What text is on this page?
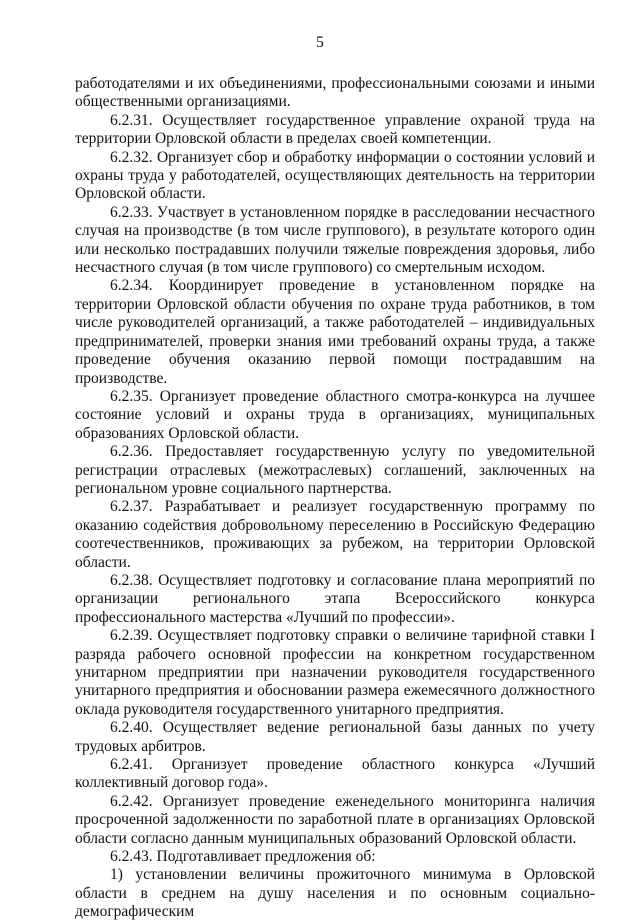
5

работодателями и их объединениями, профессиональными союзами и иными общественными организациями.

6.2.31. Осуществляет государственное управление охраной труда на территории Орловской области в пределах своей компетенции.

6.2.32. Организует сбор и обработку информации о состоянии условий и охраны труда у работодателей, осуществляющих деятельность на территории Орловской области.

6.2.33. Участвует в установленном порядке в расследовании несчастного случая на производстве (в том числе группового), в результате которого один или несколько пострадавших получили тяжелые повреждения здоровья, либо несчастного случая (в том числе группового) со смертельным исходом.

6.2.34. Координирует проведение в установленном порядке на территории Орловской области обучения по охране труда работников, в том числе руководителей организаций, а также работодателей – индивидуальных предпринимателей, проверки знания ими требований охраны труда, а также проведение обучения оказанию первой помощи пострадавшим на производстве.

6.2.35. Организует проведение областного смотра-конкурса на лучшее состояние условий и охраны труда в организациях, муниципальных образованиях Орловской области.

6.2.36. Предоставляет государственную услугу по уведомительной регистрации отраслевых (межотраслевых) соглашений, заключенных на региональном уровне социального партнерства.

6.2.37. Разрабатывает и реализует государственную программу по оказанию содействия добровольному переселению в Российскую Федерацию соотечественников, проживающих за рубежом, на территории Орловской области.

6.2.38. Осуществляет подготовку и согласование плана мероприятий по организации регионального этапа Всероссийского конкурса профессионального мастерства «Лучший по профессии».

6.2.39. Осуществляет подготовку справки о величине тарифной ставки I разряда рабочего основной профессии на конкретном государственном унитарном предприятии при назначении руководителя государственного унитарного предприятия и обосновании размера ежемесячного должностного оклада руководителя государственного унитарного предприятия.

6.2.40. Осуществляет ведение региональной базы данных по учету трудовых арбитров.

6.2.41. Организует проведение областного конкурса «Лучший коллективный договор года».

6.2.42. Организует проведение еженедельного мониторинга наличия просроченной задолженности по заработной плате в организациях Орловской области согласно данным муниципальных образований Орловской области.

6.2.43. Подготавливает предложения об:

1) установлении величины прожиточного минимума в Орловской области в среднем на душу населения и по основным социально-демографическим
